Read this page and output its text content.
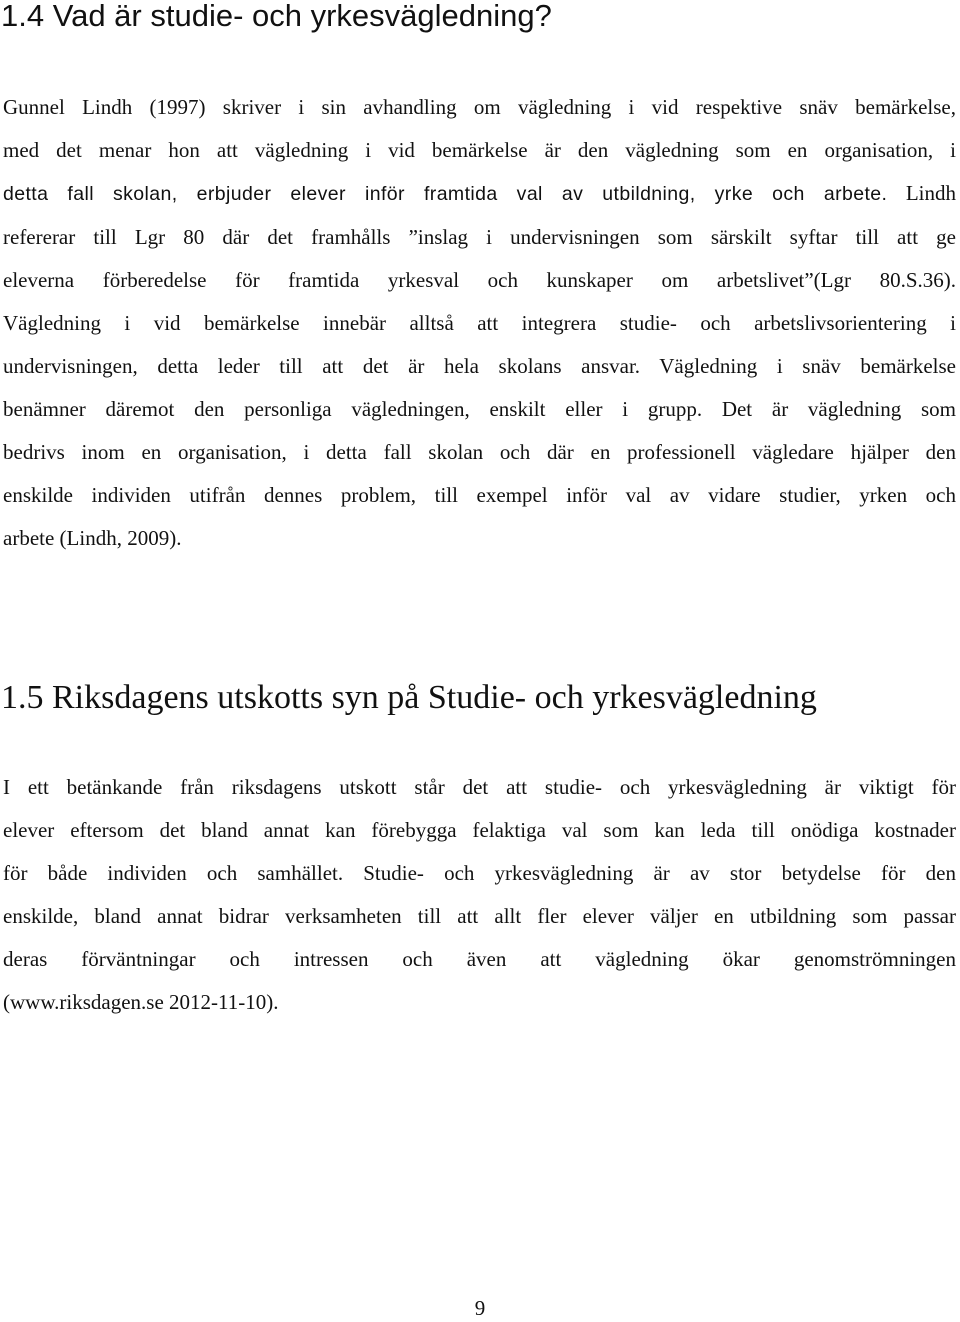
1.4 Vad är studie- och yrkesvägledning?
Gunnel Lindh (1997) skriver i sin avhandling om vägledning i vid respektive snäv bemärkelse,
med det menar hon att vägledning i vid bemärkelse är den vägledning som en organisation, i
detta fall skolan, erbjuder elever inför framtida val av utbildning, yrke och arbete. Lindh
refererar till Lgr 80 där det framhålls ”inslag i undervisningen som särskilt syftar till att ge
eleverna förberedelse för framtida yrkesval och kunskaper om arbetslivet”(Lgr 80.S.36).
Vägledning i vid bemärkelse innebär alltså att integrera studie- och arbetslivsorientering i
undervisningen, detta leder till att det är hela skolans ansvar. Vägledning i snäv bemärkelse
benämner däremot den personliga vägledningen, enskilt eller i grupp. Det är vägledning som
bedrivs inom en organisation, i detta fall skolan och där en professionell vägledare hjälper den
enskilde individen utifrån dennes problem, till exempel inför val av vidare studier, yrken och
arbete (Lindh, 2009).
1.5 Riksdagens utskotts syn på Studie- och yrkesvägledning
I ett betänkande från riksdagens utskott står det att studie- och yrkesvägledning är viktigt för
elever eftersom det bland annat kan förebygga felaktiga val som kan leda till onödiga kostnader
för både individen och samhället. Studie- och yrkesvägledning är av stor betydelse för den
enskilde, bland annat bidrar verksamheten till att allt fler elever väljer en utbildning som passar
deras förväntningar och intressen och även att vägledning ökar genomströmningen
(www.riksdagen.se 2012-11-10).
9
